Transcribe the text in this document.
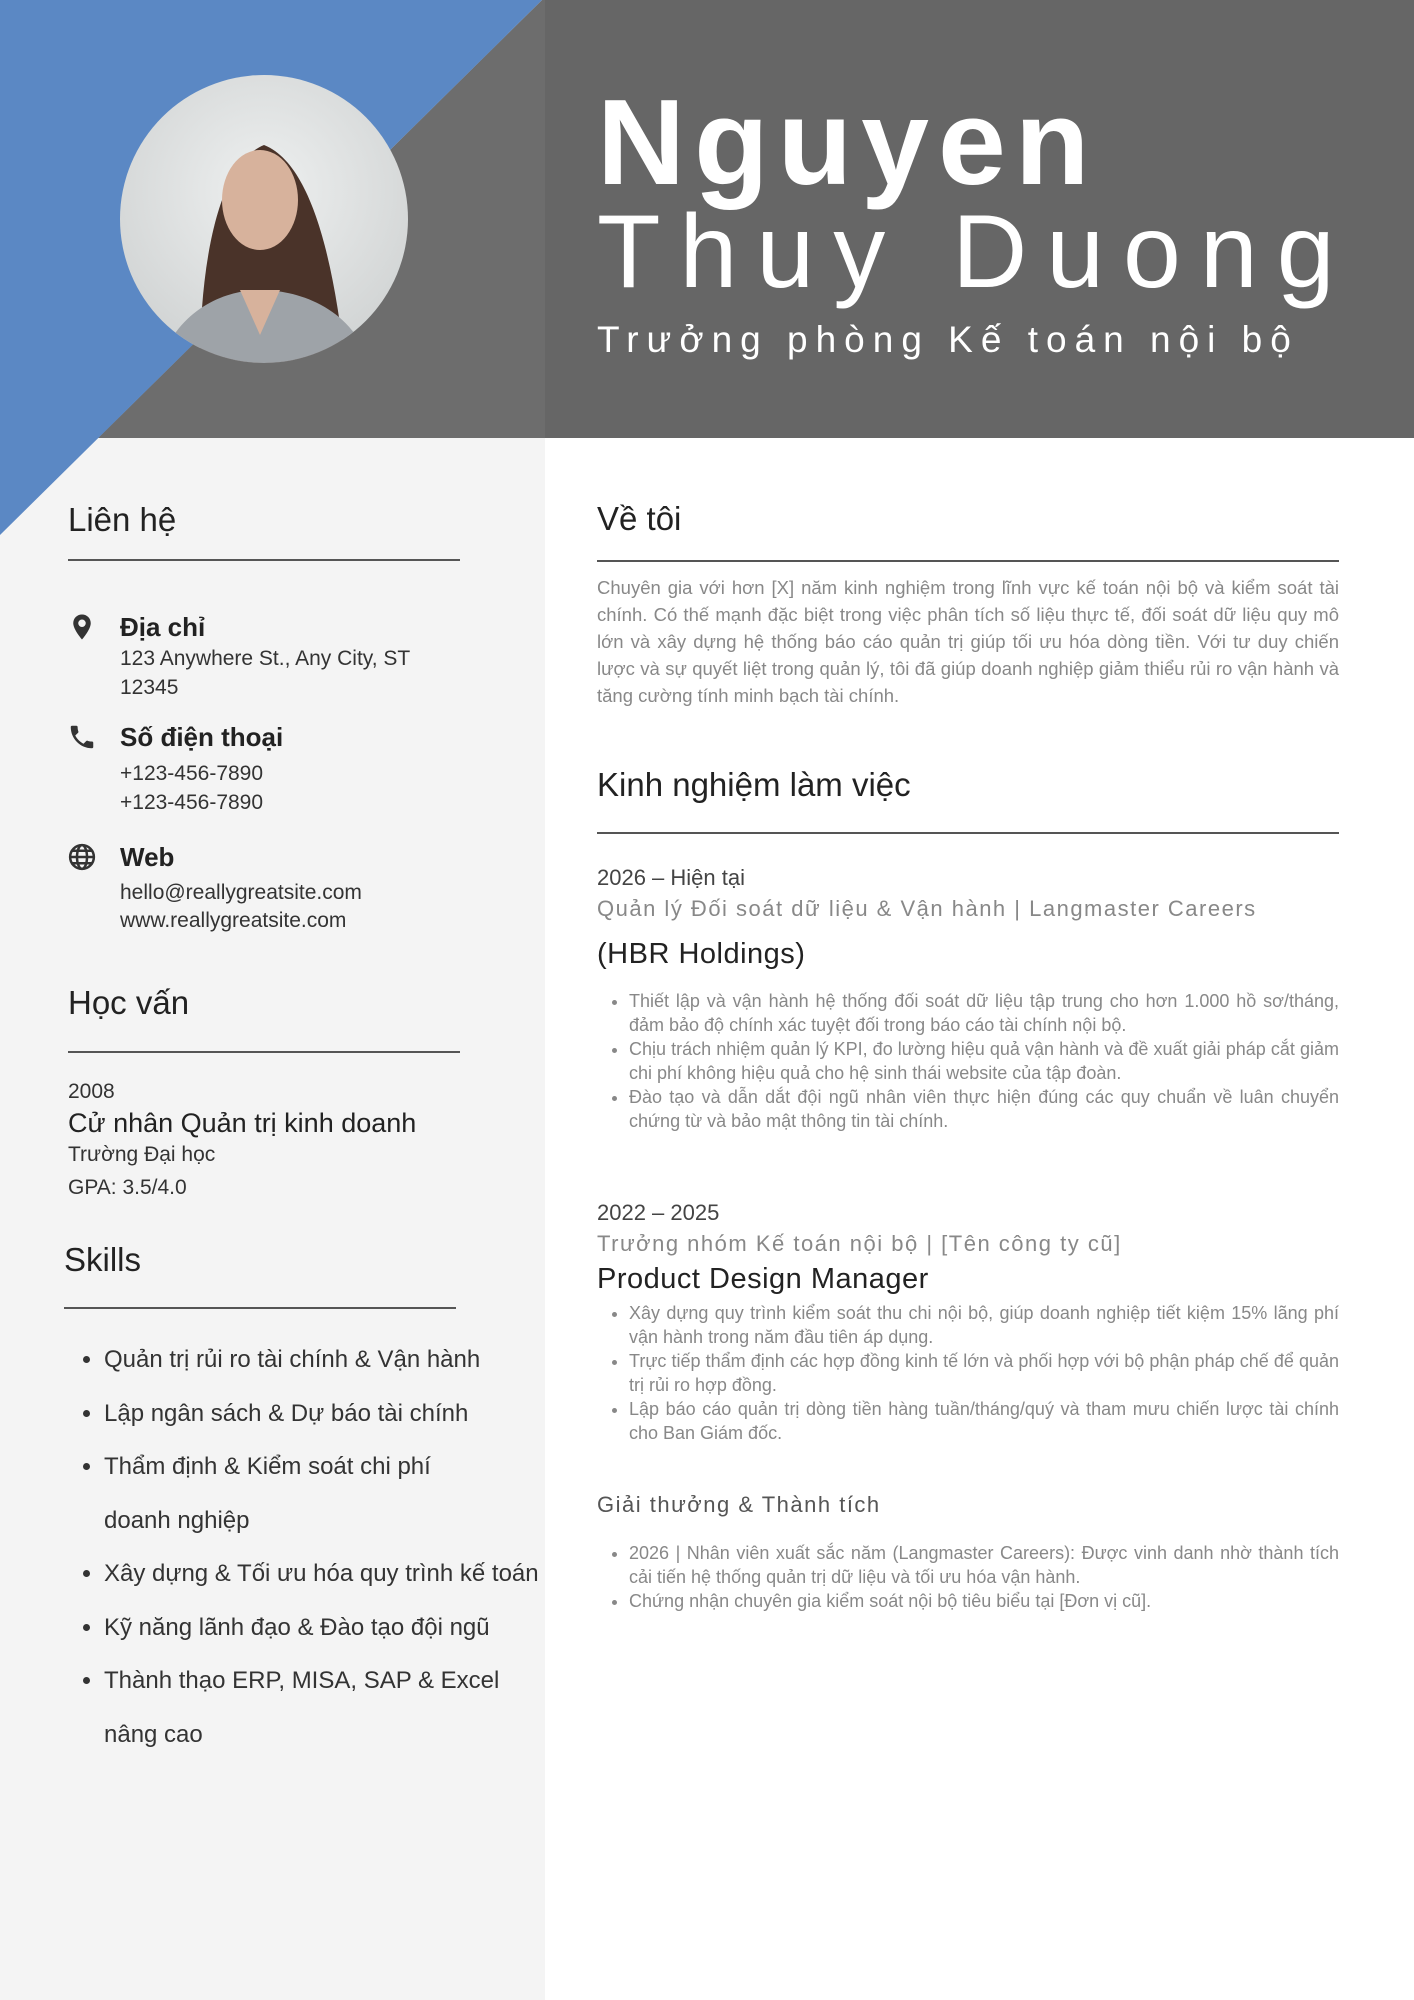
Nguyen
Thuy Duong
Trưởng phòng Kế toán nội bộ
Liên hệ
Địa chỉ
123 Anywhere St., Any City, ST
12345
Số điện thoại
+123-456-7890
+123-456-7890
Web
hello@reallygreatsite.com
www.reallygreatsite.com
Học vấn
2008
Cử nhân Quản trị kinh doanh
Trường Đại học
GPA: 3.5/4.0
Skills
• Quản trị rủi ro tài chính & Vận hành
• Lập ngân sách & Dự báo tài chính
• Thẩm định & Kiểm soát chi phí doanh nghiệp
• Xây dựng & Tối ưu hóa quy trình kế toán
• Kỹ năng lãnh đạo & Đào tạo đội ngũ
• Thành thạo ERP, MISA, SAP & Excel nâng cao
Về tôi
Chuyên gia với hơn [X] năm kinh nghiệm trong lĩnh vực kế toán nội bộ và kiểm soát tài chính. Có thế mạnh đặc biệt trong việc phân tích số liệu thực tế, đối soát dữ liệu quy mô lớn và xây dựng hệ thống báo cáo quản trị giúp tối ưu hóa dòng tiền. Với tư duy chiến lược và sự quyết liệt trong quản lý, tôi đã giúp doanh nghiệp giảm thiểu rủi ro vận hành và tăng cường tính minh bạch tài chính.
Kinh nghiệm làm việc
2026 – Hiện tại
Quản lý Đối soát dữ liệu & Vận hành | Langmaster Careers
(HBR Holdings)
• Thiết lập và vận hành hệ thống đối soát dữ liệu tập trung cho hơn 1.000 hồ sơ/tháng, đảm bảo độ chính xác tuyệt đối trong báo cáo tài chính nội bộ.
• Chịu trách nhiệm quản lý KPI, đo lường hiệu quả vận hành và đề xuất giải pháp cắt giảm chi phí không hiệu quả cho hệ sinh thái website của tập đoàn.
• Đào tạo và dẫn dắt đội ngũ nhân viên thực hiện đúng các quy chuẩn về luân chuyển chứng từ và bảo mật thông tin tài chính.
2022 – 2025
Trưởng nhóm Kế toán nội bộ | [Tên công ty cũ]
Product Design Manager
• Xây dựng quy trình kiểm soát thu chi nội bộ, giúp doanh nghiệp tiết kiệm 15% lãng phí vận hành trong năm đầu tiên áp dụng.
• Trực tiếp thẩm định các hợp đồng kinh tế lớn và phối hợp với bộ phận pháp chế để quản trị rủi ro hợp đồng.
• Lập báo cáo quản trị dòng tiền hàng tuần/tháng/quý và tham mưu chiến lược tài chính cho Ban Giám đốc.
Giải thưởng & Thành tích
• 2026 | Nhân viên xuất sắc năm (Langmaster Careers): Được vinh danh nhờ thành tích cải tiến hệ thống quản trị dữ liệu và tối ưu hóa vận hành.
• Chứng nhận chuyên gia kiểm soát nội bộ tiêu biểu tại [Đơn vị cũ].
